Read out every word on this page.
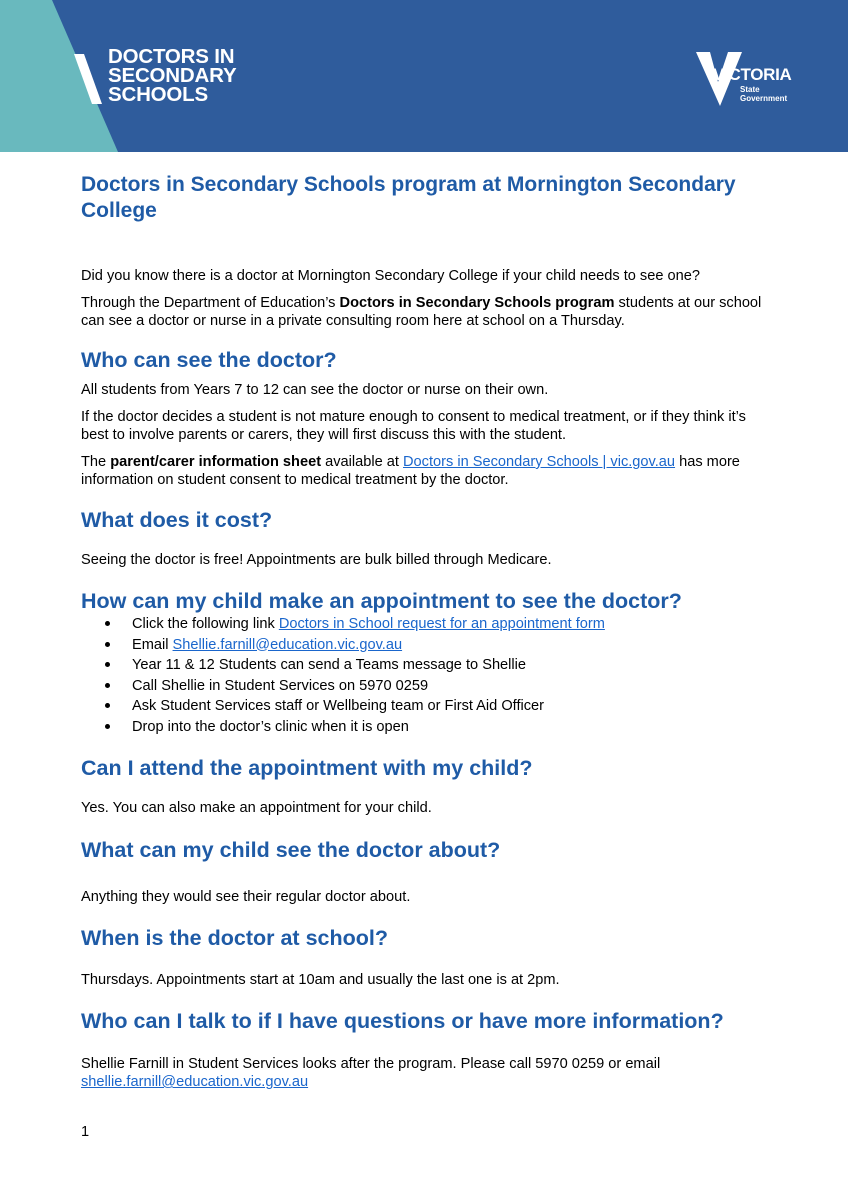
DOCTORS IN
SECONDARY
SCHOOLS
VICTORIA
State
Government
Doctors in Secondary Schools program at Mornington Secondary College

Did you know there is a doctor at Mornington Secondary College if your child needs to see one?

Through the Department of Education’s Doctors in Secondary Schools program students at our school can see a doctor or nurse in a private consulting room here at school on a Thursday.

Who can see the doctor?

All students from Years 7 to 12 can see the doctor or nurse on their own.

If the doctor decides a student is not mature enough to consent to medical treatment, or if they think it’s best to involve parents or carers, they will first discuss this with the student.

The parent/carer information sheet available at Doctors in Secondary Schools | vic.gov.au has more information on student consent to medical treatment by the doctor.

What does it cost?

Seeing the doctor is free! Appointments are bulk billed through Medicare.

How can my child make an appointment to see the doctor?
Click the following link Doctors in School request for an appointment form
Email Shellie.farnill@education.vic.gov.au
Year 11 & 12 Students can send a Teams message to Shellie
Call Shellie in Student Services on 5970 0259
Ask Student Services staff or Wellbeing team or First Aid Officer
Drop into the doctor’s clinic when it is open
Can I attend the appointment with my child?

Yes. You can also make an appointment for your child.

What can my child see the doctor about?

Anything they would see their regular doctor about.

When is the doctor at school?

Thursdays. Appointments start at 10am and usually the last one is at 2pm.

Who can I talk to if I have questions or have more information?

Shellie Farnill in Student Services looks after the program. Please call 5970 0259 or email shellie.farnill@education.vic.gov.au

1
